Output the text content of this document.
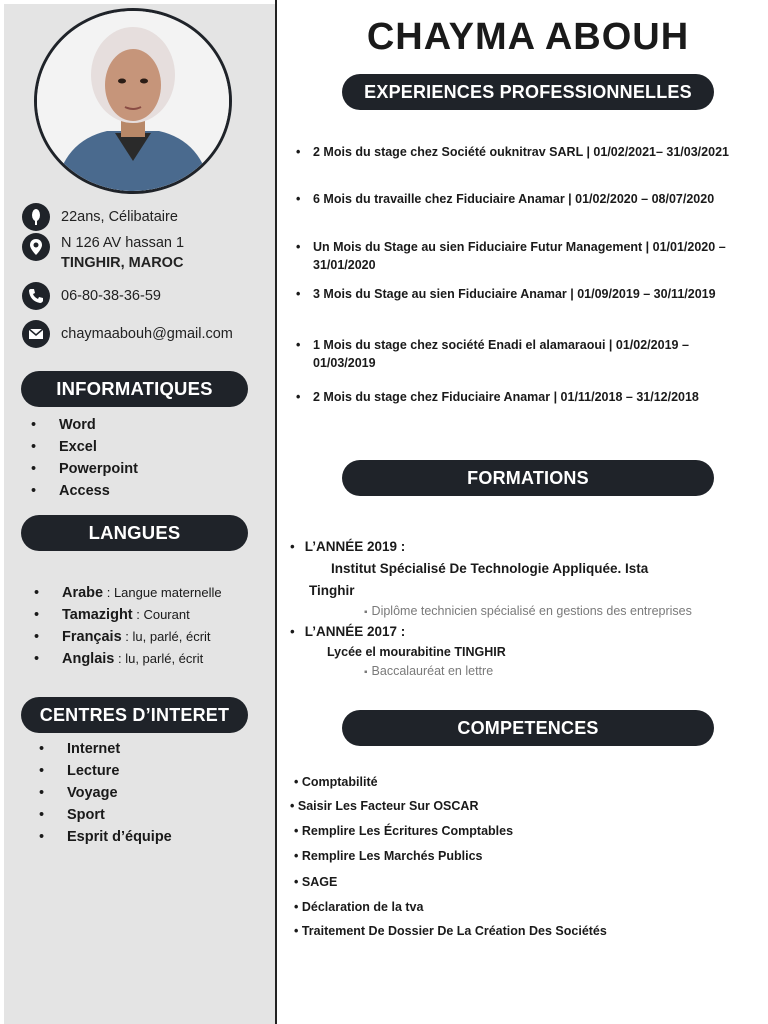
22ans, Célibataire
N 126 AV hassan 1
TINGHIR, MAROC
06-80-38-36-59
chaymaabouh@gmail.com
INFORMATIQUES
• Word
• Excel
• Powerpoint
• Access
LANGUES
• Arabe : Langue maternelle
• Tamazight : Courant
• Français : lu, parlé, écrit
• Anglais : lu, parlé, écrit
CENTRES D’INTERET
• Internet
• Lecture
• Voyage
• Sport
• Esprit d’équipe
CHAYMA ABOUH
EXPERIENCES PROFESSIONNELLES
• 2 Mois du stage chez Société ouknitrav SARL | 01/02/2021– 31/03/2021
• 6 Mois du travaille chez Fiduciaire Anamar | 01/02/2020 – 08/07/2020
• Un Mois du Stage au sien Fiduciaire Futur Management | 01/01/2020 – 31/01/2020
• 3 Mois du Stage au sien Fiduciaire Anamar | 01/09/2019 – 30/11/2019
• 1 Mois du stage chez société Enadi el alamaraoui | 01/02/2019 – 01/03/2019
• 2 Mois du stage chez Fiduciaire Anamar | 01/11/2018 – 31/12/2018
FORMATIONS
• L’ANNÉE 2019 :
Institut Spécialisé De Technologie Appliquée. Ista
Tinghir
▪ Diplôme technicien spécialisé en gestions des entreprises
• L’ANNÉE 2017 :
Lycée el mourabitine TINGHIR
▪ Baccalauréat en lettre
COMPETENCES
• Comptabilité
• Saisir Les Facteur Sur OSCAR
• Remplire Les Écritures Comptables
• Remplire Les Marchés Publics
• SAGE
• Déclaration de la tva
• Traitement De Dossier De La Création Des Sociétés
